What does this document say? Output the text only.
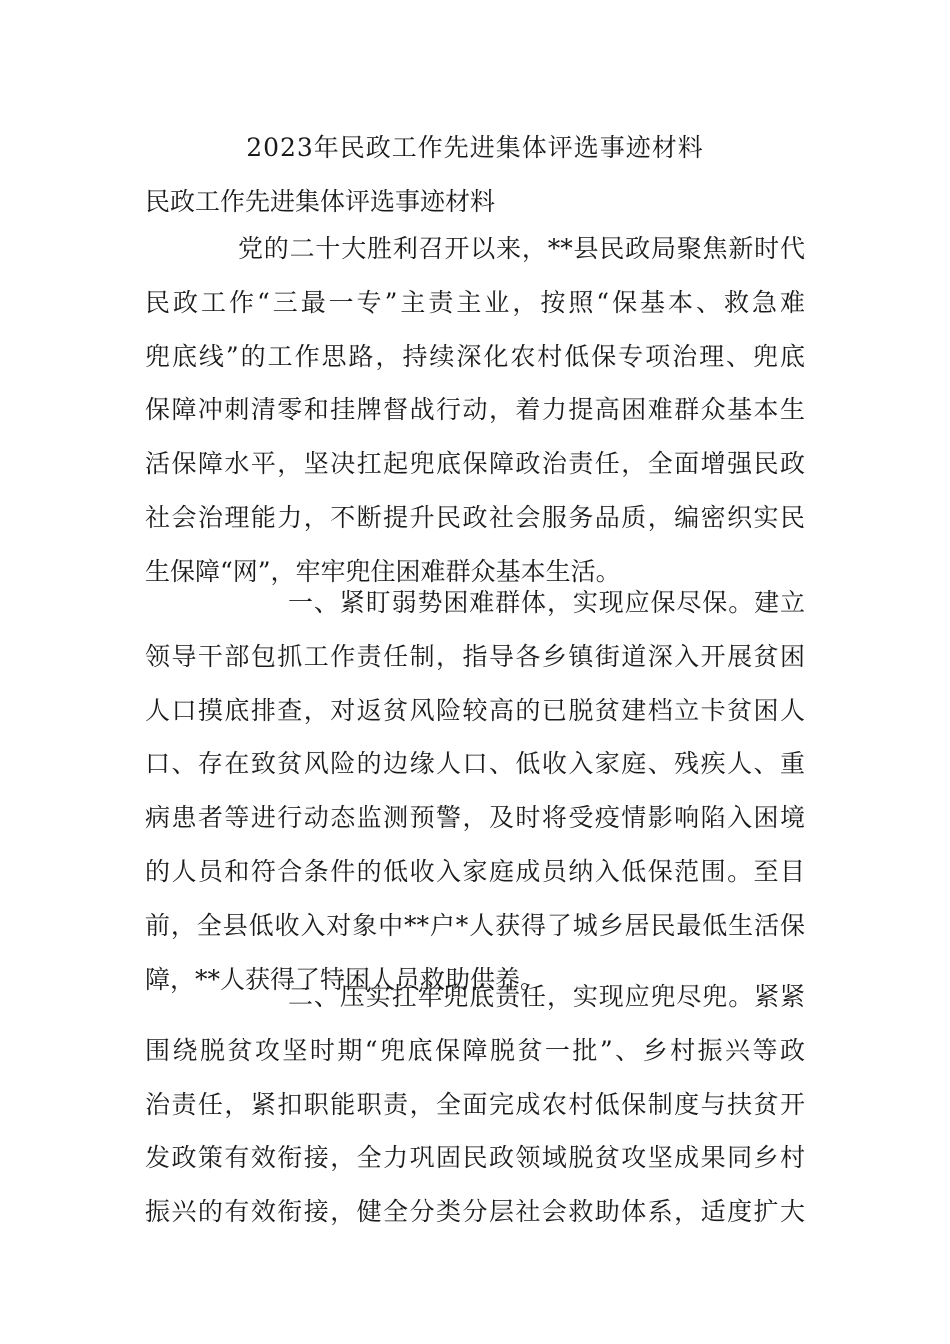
2023年民政工作先进集体评选事迹材料
民政工作先进集体评选事迹材料
党的二十大胜利召开以来，**县民政局聚焦新时代
民政工作“三最一专”主责主业，按照“保基本、救急难
兜底线”的工作思路，持续深化农村低保专项治理、兜底
保障冲刺清零和挂牌督战行动，着力提高困难群众基本生
活保障水平，坚决扛起兜底保障政治责任，全面增强民政
社会治理能力，不断提升民政社会服务品质，编密织实民
生保障“网”，牢牢兜住困难群众基本生活。
一、紧盯弱势困难群体，实现应保尽保。建立
领导干部包抓工作责任制，指导各乡镇街道深入开展贫困
人口摸底排查，对返贫风险较高的已脱贫建档立卡贫困人
口、存在致贫风险的边缘人口、低收入家庭、残疾人、重
病患者等进行动态监测预警，及时将受疫情影响陷入困境
的人员和符合条件的低收入家庭成员纳入低保范围。至目
前，全县低收入对象中**户*人获得了城乡居民最低生活保
障，**人获得了特困人员救助供养。
二、压实扛牢兜底责任，实现应兜尽兜。紧紧
围绕脱贫攻坚时期“兜底保障脱贫一批”、乡村振兴等政
治责任，紧扣职能职责，全面完成农村低保制度与扶贫开
发政策有效衔接，全力巩固民政领域脱贫攻坚成果同乡村
振兴的有效衔接，健全分类分层社会救助体系，适度扩大
